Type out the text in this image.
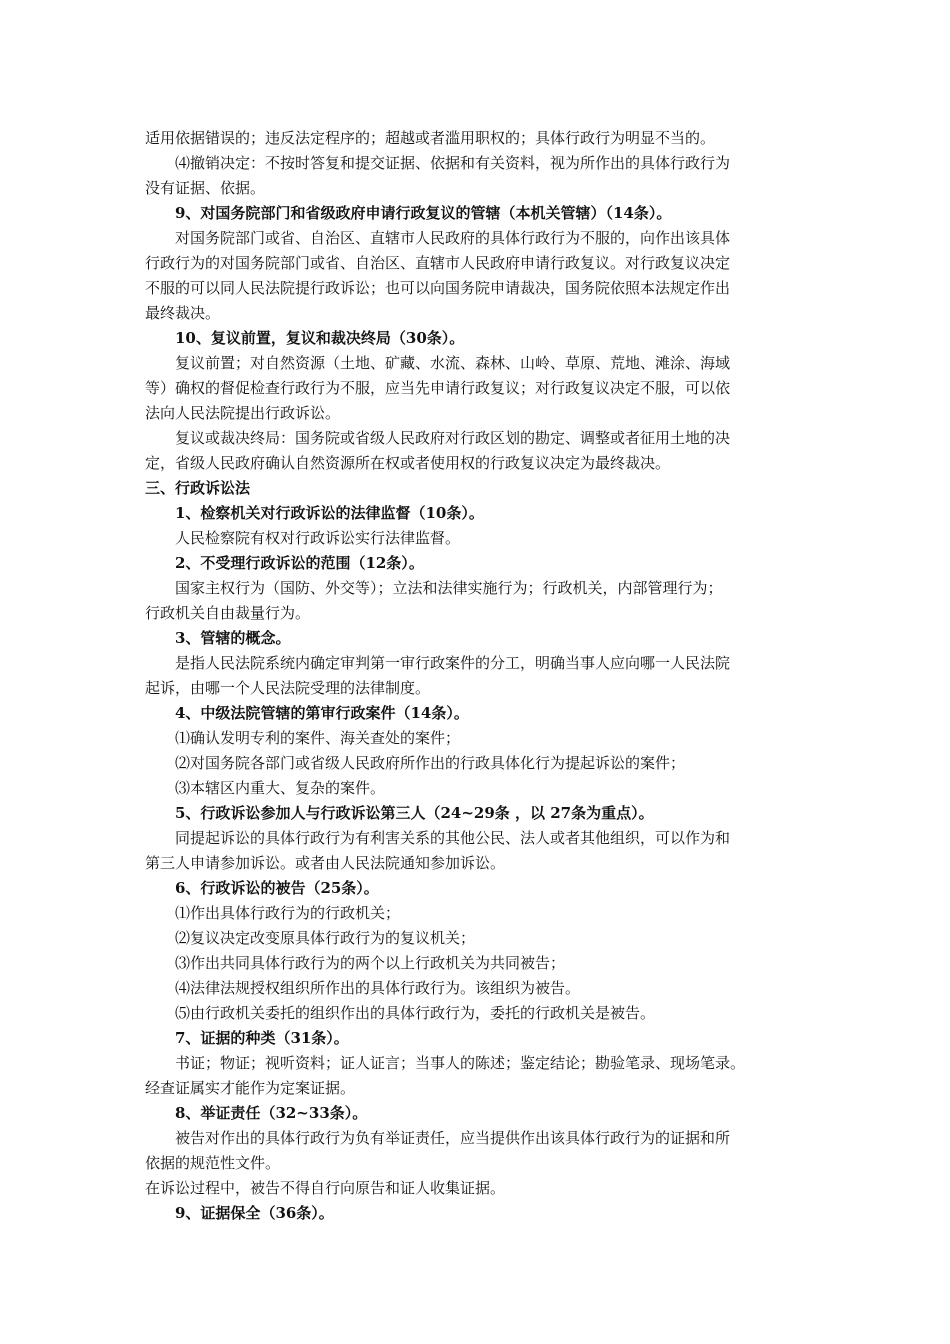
适用依据错误的；违反法定程序的；超越或者滥用职权的；具体行政行为明显不当的。
⑷撤销决定：不按时答复和提交证据、依据和有关资料，视为所作出的具体行政行为
没有证据、依据。
9、对国务院部门和省级政府申请行政复议的管辖（本机关管辖）（14条）。
对国务院部门或省、自治区、直辖市人民政府的具体行政行为不服的，向作出该具体
行政行为的对国务院部门或省、自治区、直辖市人民政府申请行政复议。对行政复议决定
不服的可以同人民法院提行政诉讼；也可以向国务院申请裁决，国务院依照本法规定作出
最终裁决。
10、复议前置，复议和裁决终局（30条）。
复议前置；对自然资源（土地、矿藏、水流、森林、山岭、草原、荒地、滩涂、海域
等）确权的督促检查行政行为不服，应当先申请行政复议；对行政复议决定不服，可以依
法向人民法院提出行政诉讼。
复议或裁决终局：国务院或省级人民政府对行政区划的勘定、调整或者征用土地的决
定，省级人民政府确认自然资源所在权或者使用权的行政复议决定为最终裁决。
三、行政诉讼法
1、检察机关对行政诉讼的法律监督（10条）。
人民检察院有权对行政诉讼实行法律监督。
2、不受理行政诉讼的范围（12条）。
国家主权行为（国防、外交等）；立法和法律实施行为；行政机关，内部管理行为；
行政机关自由裁量行为。
3、管辖的概念。
是指人民法院系统内确定审判第一审行政案件的分工，明确当事人应向哪一人民法院
起诉，由哪一个人民法院受理的法律制度。
4、中级法院管辖的第审行政案件（14条）。
⑴确认发明专利的案件、海关查处的案件；
⑵对国务院各部门或省级人民政府所作出的行政具体化行为提起诉讼的案件；
⑶本辖区内重大、复杂的案件。
5、行政诉讼参加人与行政诉讼第三人（24~29条 ，以 27条为重点）。
同提起诉讼的具体行政行为有利害关系的其他公民、法人或者其他组织，可以作为和
第三人申请参加诉讼。或者由人民法院通知参加诉讼。
6、行政诉讼的被告（25条）。
⑴作出具体行政行为的行政机关；
⑵复议决定改变原具体行政行为的复议机关；
⑶作出共同具体行政行为的两个以上行政机关为共同被告；
⑷法律法规授权组织所作出的具体行政行为。该组织为被告。
⑸由行政机关委托的组织作出的具体行政行为，委托的行政机关是被告。
7、证据的种类（31条）。
书证；物证；视听资料；证人证言；当事人的陈述；鉴定结论；勘验笔录、现场笔录。
经查证属实才能作为定案证据。
8、举证责任（32~33条）。
被告对作出的具体行政行为负有举证责任，应当提供作出该具体行政行为的证据和所
依据的规范性文件。
在诉讼过程中，被告不得自行向原告和证人收集证据。
9、证据保全（36条）。
